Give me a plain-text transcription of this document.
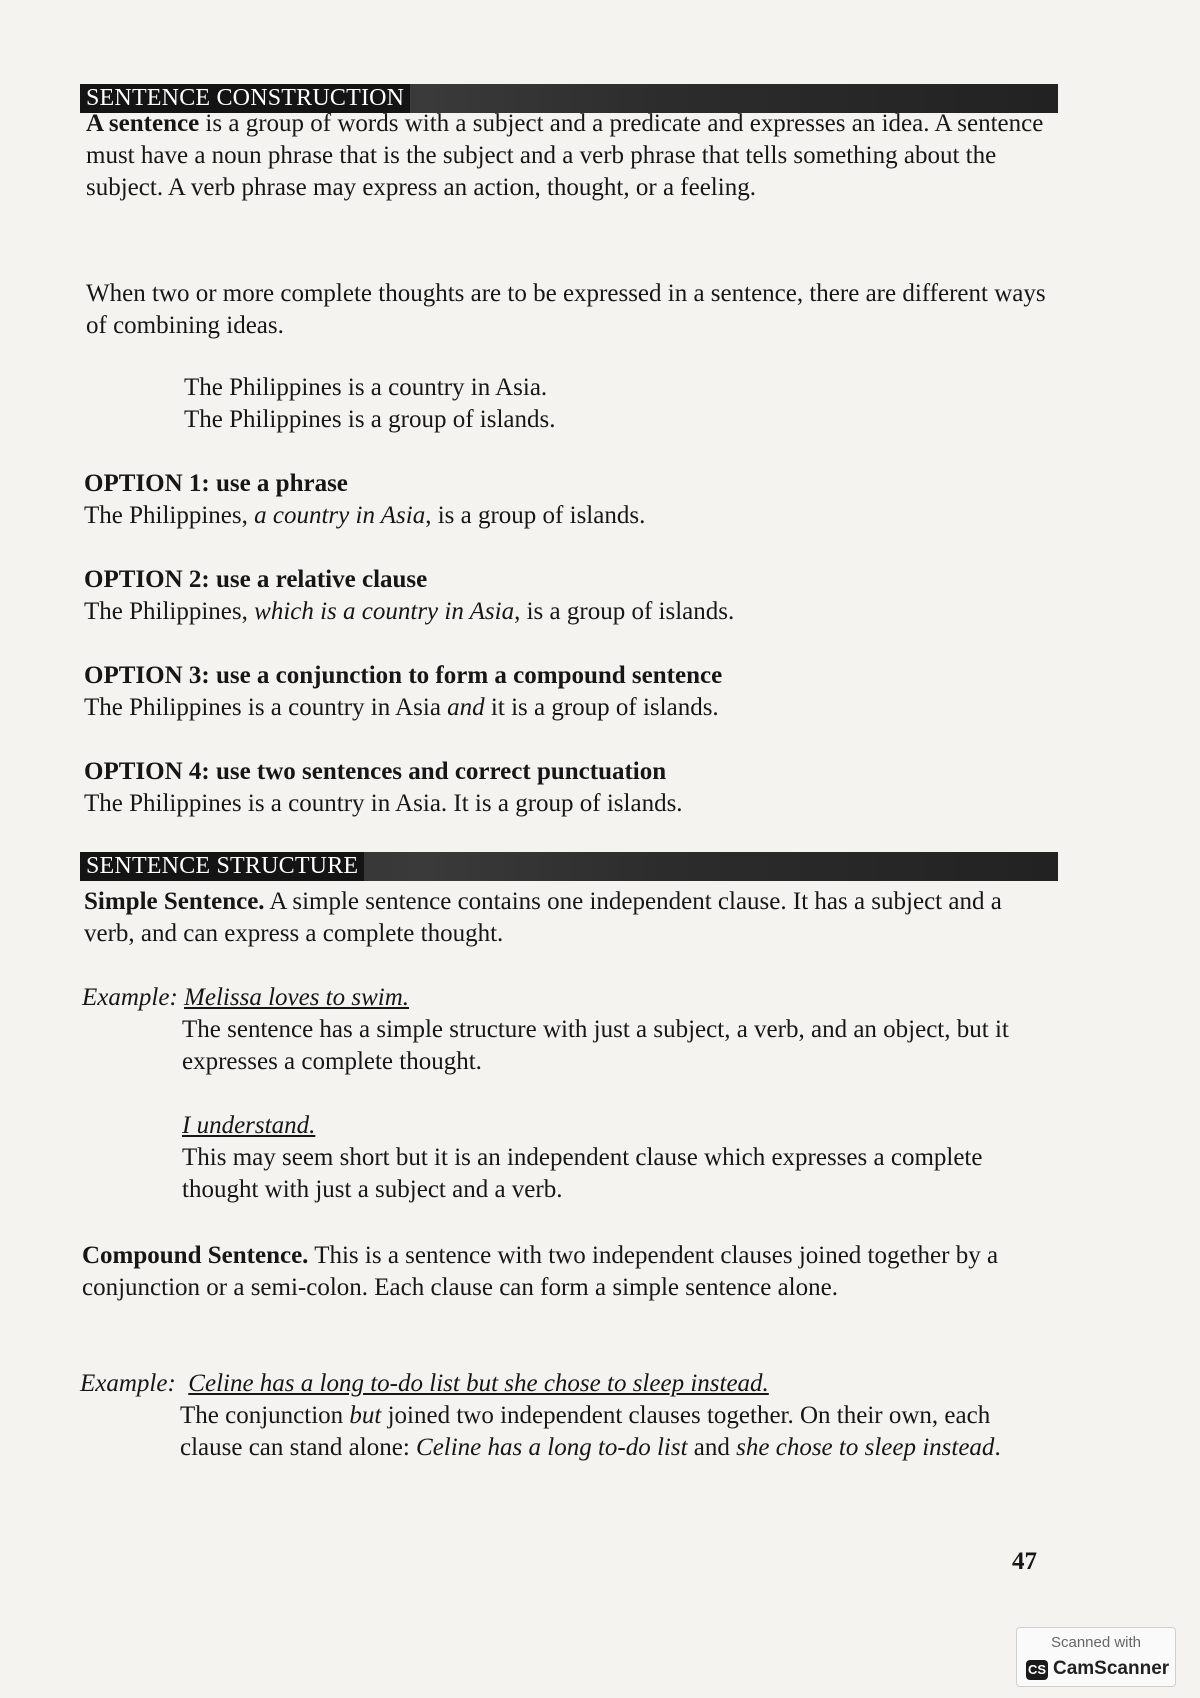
SENTENCE CONSTRUCTION

A sentence is a group of words with a subject and a predicate and expresses an idea. A sentence must have a noun phrase that is the subject and a verb phrase that tells something about the subject. A verb phrase may express an action, thought, or a feeling.

When two or more complete thoughts are to be expressed in a sentence, there are different ways of combining ideas.

The Philippines is a country in Asia.

The Philippines is a group of islands.

OPTION 1: use a phrase

The Philippines, a country in Asia, is a group of islands.

OPTION 2: use a relative clause

The Philippines, which is a country in Asia, is a group of islands.

OPTION 3: use a conjunction to form a compound sentence

The Philippines is a country in Asia and it is a group of islands.

OPTION 4: use two sentences and correct punctuation

The Philippines is a country in Asia. It is a group of islands.

SENTENCE STRUCTURE

Simple Sentence. A simple sentence contains one independent clause. It has a subject and a verb, and can express a complete thought.

Example: Melissa loves to swim.

The sentence has a simple structure with just a subject, a verb, and an object, but it expresses a complete thought.

I understand.

This may seem short but it is an independent clause which expresses a complete thought with just a subject and a verb.

Compound Sentence. This is a sentence with two independent clauses joined together by a conjunction or a semi-colon. Each clause can form a simple sentence alone.

Example: Celine has a long to-do list but she chose to sleep instead.

The conjunction but joined two independent clauses together. On their own, each clause can stand alone: Celine has a long to-do list and she chose to sleep instead.

47
Scanned with
CS CamScanner
